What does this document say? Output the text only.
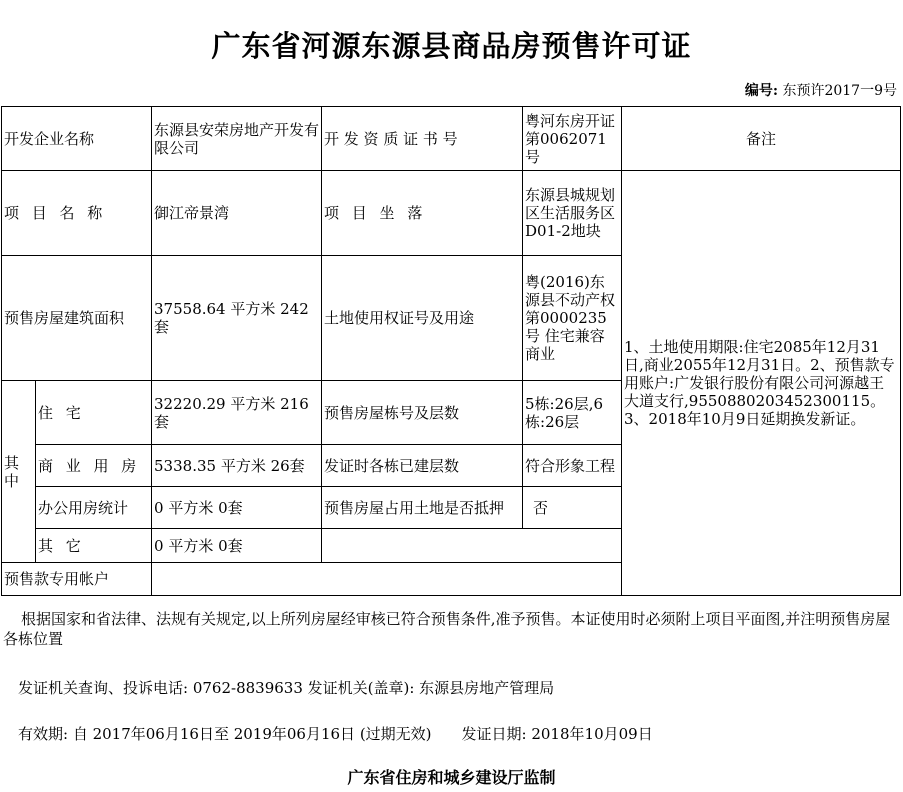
广东省河源东源县商品房预售许可证
编号: 东预许2017一9号
开发企业名称		东源县安荣房地产开发有限公司	开 发 资 质 证 书 号	粤河东房开证第0062071号	备注	
项 目 名 称		御江帝景湾	项 目 坐 落	东源县城规划区生活服务区D01-2地块	1、土地使用期限:住宅2085年12月31日,商业2055年12月31日。2、预售款专用账户:广发银行股份有限公司河源越王大道支行,9550880203452300115。3、2018年10月9日延期换发新证。	
预售房屋建筑面积		37558.64 平方米 242套	土地使用权证号及用途	粤(2016)东源县不动产权第0000235号 住宅兼容商业		
其 中	住 宅	32220.29 平方米 216套	预售房屋栋号及层数	5栋:26层,6栋:26层		
	商 业 用 房	5338.35 平方米 26套	发证时各栋已建层数	符合形象工程		
	办公用房统计	0 平方米 0套	预售房屋占用土地是否抵押	否		
	其 它	0 平方米 0套				
预售款专用帐户						
根据国家和省法律、法规有关规定,以上所列房屋经审核已符合预售条件,准予预售。本证使用时必须附上项目平面图,并注明预售房屋各栋位置
发证机关查询、投诉电话: 0762-8839633 发证机关(盖章): 东源县房地产管理局
有效期: 自 2017年06月16日至 2019年06月16日 (过期无效)　　发证日期: 2018年10月09日
广东省住房和城乡建设厅监制
